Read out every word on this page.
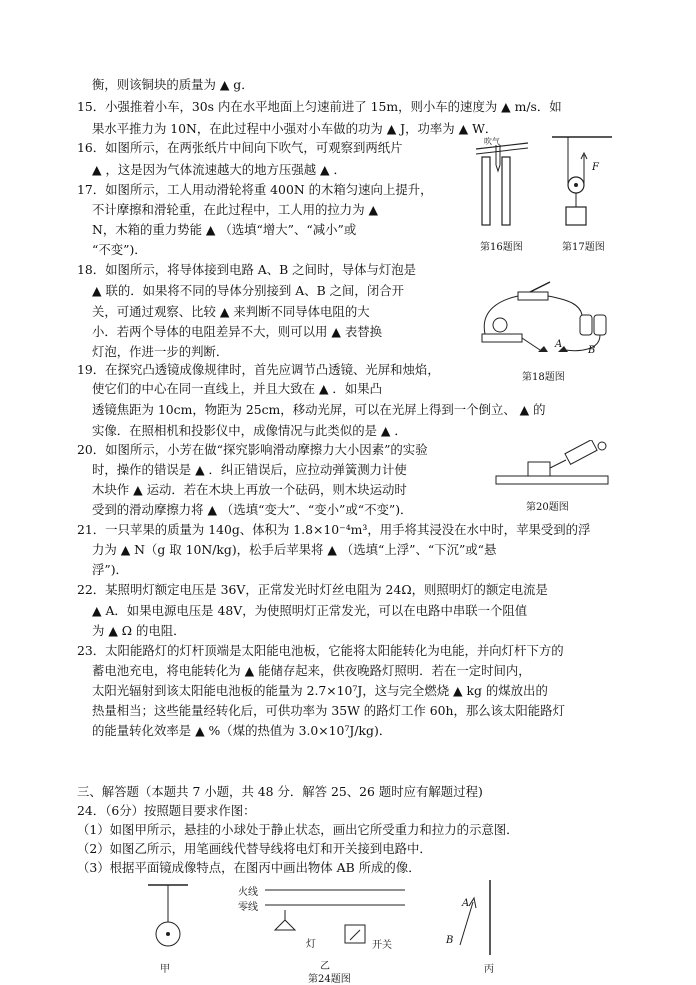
衡，则该铜块的质量为 ▲ g．
15．小强推着小车，30s 内在水平地面上匀速前进了 15m，则小车的速度为 ▲ m/s．如
果水平推力为 10N，在此过程中小强对小车做的功为 ▲ J，功率为 ▲ W．
16．如图所示，在两张纸片中间向下吹气，可观察到两纸片
▲ ，这是因为气体流速越大的地方压强越 ▲ ．
17．如图所示，工人用动滑轮将重 400N 的木箱匀速向上提升，
不计摩擦和滑轮重，在此过程中，工人用的拉力为 ▲
N，木箱的重力势能 ▲ （选填“增大”、“减小”或
“不变”)．
18．如图所示，将导体接到电路 A、B 之间时，导体与灯泡是
▲ 联的．如果将不同的导体分别接到 A、B 之间，闭合开
关，可通过观察、比较 ▲ 来判断不同导体电阻的大
小．若两个导体的电阻差异不大，则可以用 ▲ 表替换
灯泡，作进一步的判断．
19．在探究凸透镜成像规律时，首先应调节凸透镜、光屏和烛焰，
使它们的中心在同一直线上，并且大致在 ▲ ．如果凸
透镜焦距为 10cm，物距为 25cm，移动光屏，可以在光屏上得到一个倒立、 ▲ 的
实像．在照相机和投影仪中，成像情况与此类似的是 ▲ ．
20．如图所示，小芳在做“探究影响滑动摩擦力大小因素”的实验
时，操作的错误是 ▲ ．纠正错误后，应拉动弹簧测力计使
木块作 ▲ 运动．若在木块上再放一个砝码，则木块运动时
受到的滑动摩擦力将 ▲ （选填“变大”、“变小”或“不变”)．
21．一只苹果的质量为 140g、体积为 1.8×10⁻⁴m³，用手将其浸没在水中时，苹果受到的浮
力为 ▲ N（g 取 10N/kg)，松手后苹果将 ▲ （选填“上浮”、“下沉”或“悬
浮”)．
22．某照明灯额定电压是 36V，正常发光时灯丝电阻为 24Ω，则照明灯的额定电流是
▲ A．如果电源电压是 48V，为使照明灯正常发光，可以在电路中串联一个阻值
为 ▲ Ω 的电阻．
23．太阳能路灯的灯杆顶端是太阳能电池板，它能将太阳能转化为电能，并向灯杆下方的
蓄电池充电，将电能转化为 ▲ 能储存起来，供夜晚路灯照明．若在一定时间内，
太阳光辐射到该太阳能电池板的能量为 2.7×10⁷J，这与完全燃烧 ▲ kg 的煤放出的
热量相当；这些能量经转化后，可供功率为 35W 的路灯工作 60h，那么该太阳能路灯
的能量转化效率是 ▲ %（煤的热值为 3.0×10⁷J/kg)．
三、解答题（本题共 7 小题，共 48 分．解答 25、26 题时应有解题过程)
24．（6分）按照题目要求作图：
（1）如图甲所示，悬挂的小球处于静止状态，画出它所受重力和拉力的示意图．
（2）如图乙所示，用笔画线代替导线将电灯和开关接到电路中．
（3）根据平面镜成像特点，在图丙中画出物体 AB 所成的像．
吹气
第16题图
F
第17题图
A
B
第18题图
第20题图
火线
零线
灯	开关
A
B
甲	乙	丙
第24题图
